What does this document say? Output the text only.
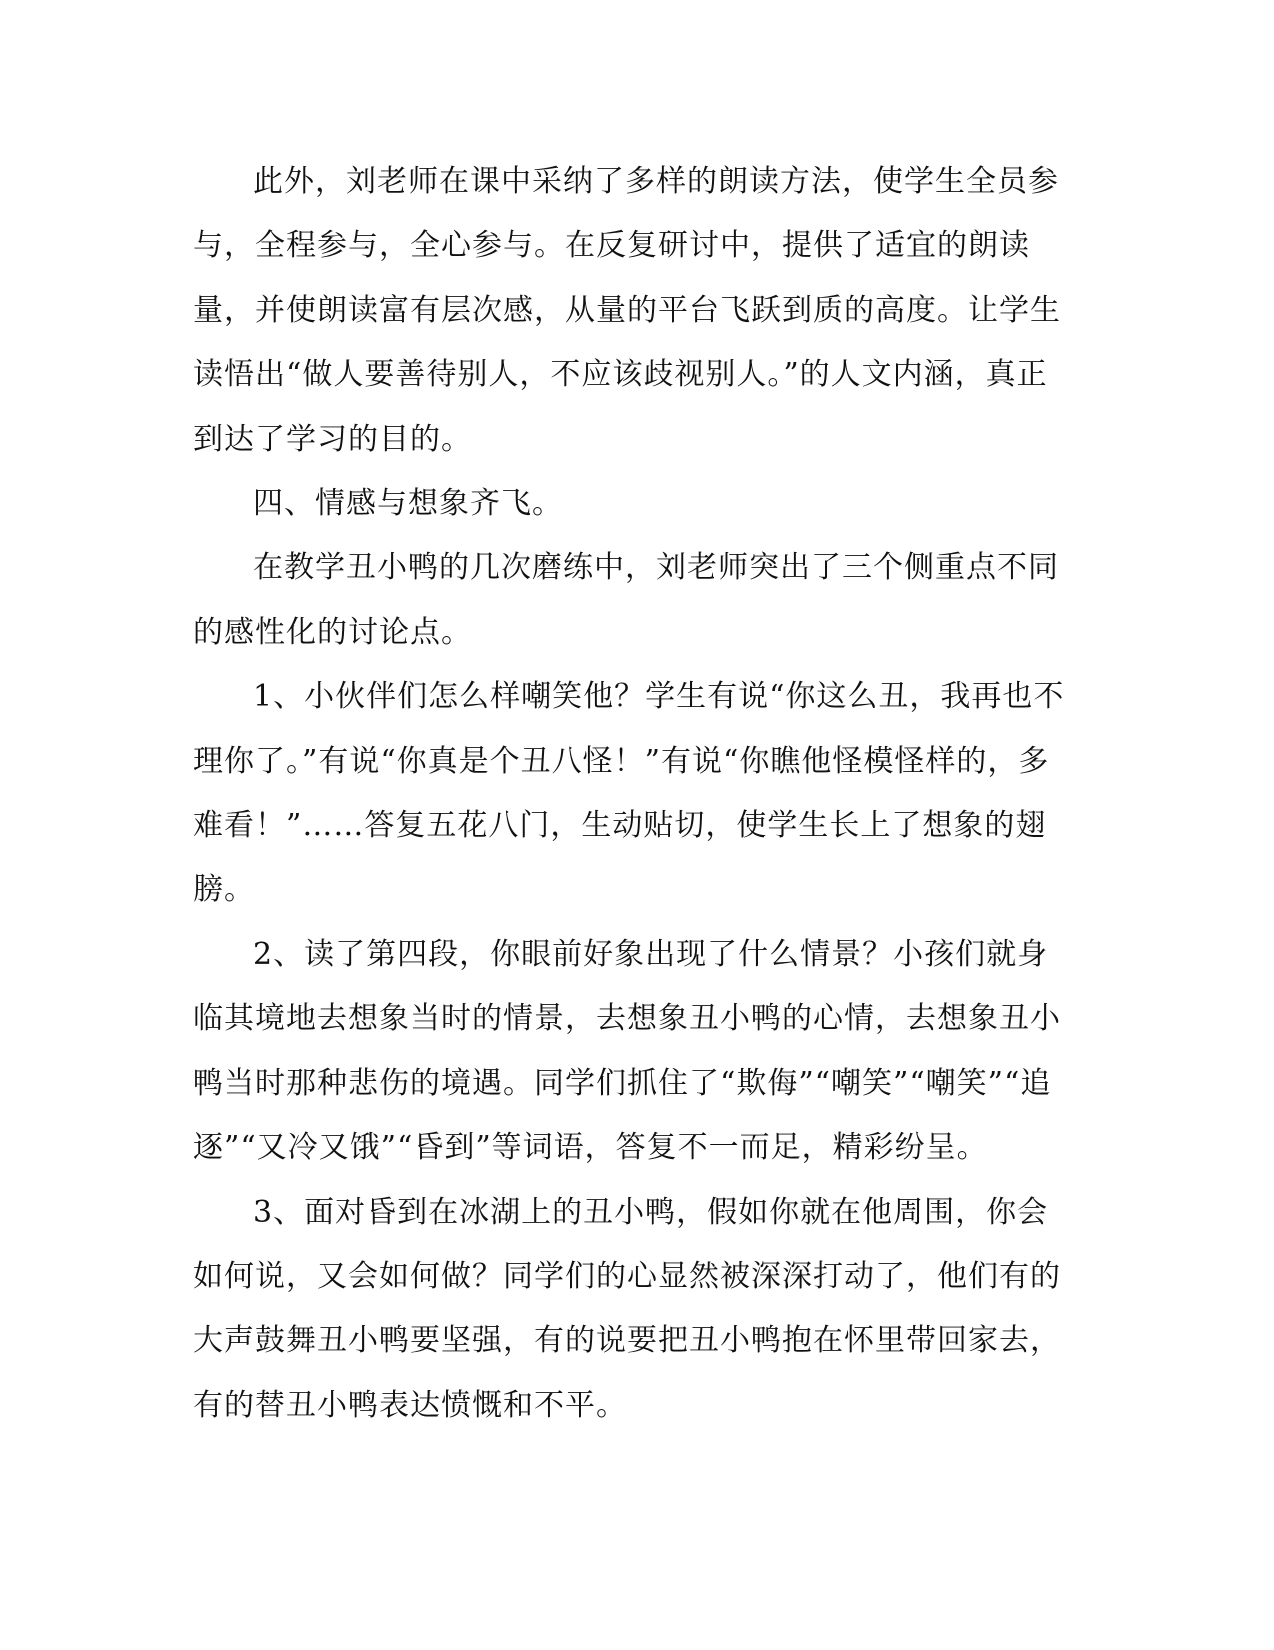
此外，刘老师在课中采纳了多样的朗读方法，使学生全员参与，全程参与，全心参与。在反复研讨中，提供了适宜的朗读量，并使朗读富有层次感，从量的平台飞跃到质的高度。让学生读悟出“做人要善待别人，不应该歧视别人。”的人文内涵，真正到达了学习的目的。

四、情感与想象齐飞。

在教学丑小鸭的几次磨练中，刘老师突出了三个侧重点不同的感性化的讨论点。

1、小伙伴们怎么样嘲笑他？学生有说“你这么丑，我再也不理你了。”有说“你真是个丑八怪！”有说“你瞧他怪模怪样的，多难看！”……答复五花八门，生动贴切，使学生长上了想象的翅膀。

2、读了第四段，你眼前好象出现了什么情景？小孩们就身临其境地去想象当时的情景，去想象丑小鸭的心情，去想象丑小鸭当时那种悲伤的境遇。同学们抓住了“欺侮”“嘲笑”“嘲笑”“追逐”“又冷又饿”“昏到”等词语，答复不一而足，精彩纷呈。

3、面对昏到在冰湖上的丑小鸭，假如你就在他周围，你会如何说，又会如何做？同学们的心显然被深深打动了，他们有的大声鼓舞丑小鸭要坚强，有的说要把丑小鸭抱在怀里带回家去，有的替丑小鸭表达愤慨和不平。
